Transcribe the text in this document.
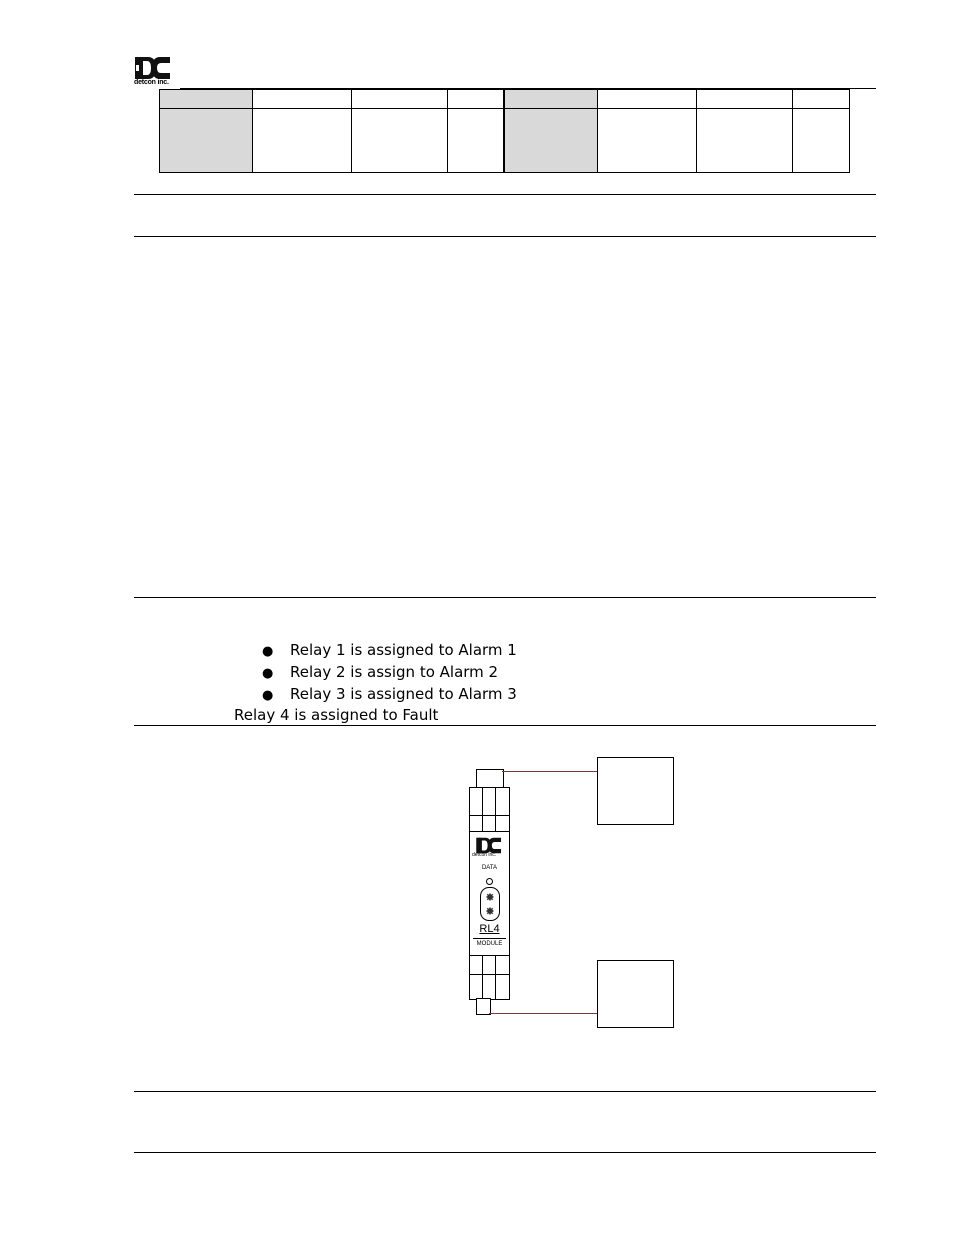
detcon inc.

● Relay 1 is assigned to Alarm 1
● Relay 2 is assign to Alarm 2
● Relay 3 is assigned to Alarm 3
Relay 4 is assigned to Fault
detcon inc.
DATA
RL4
MODULE
